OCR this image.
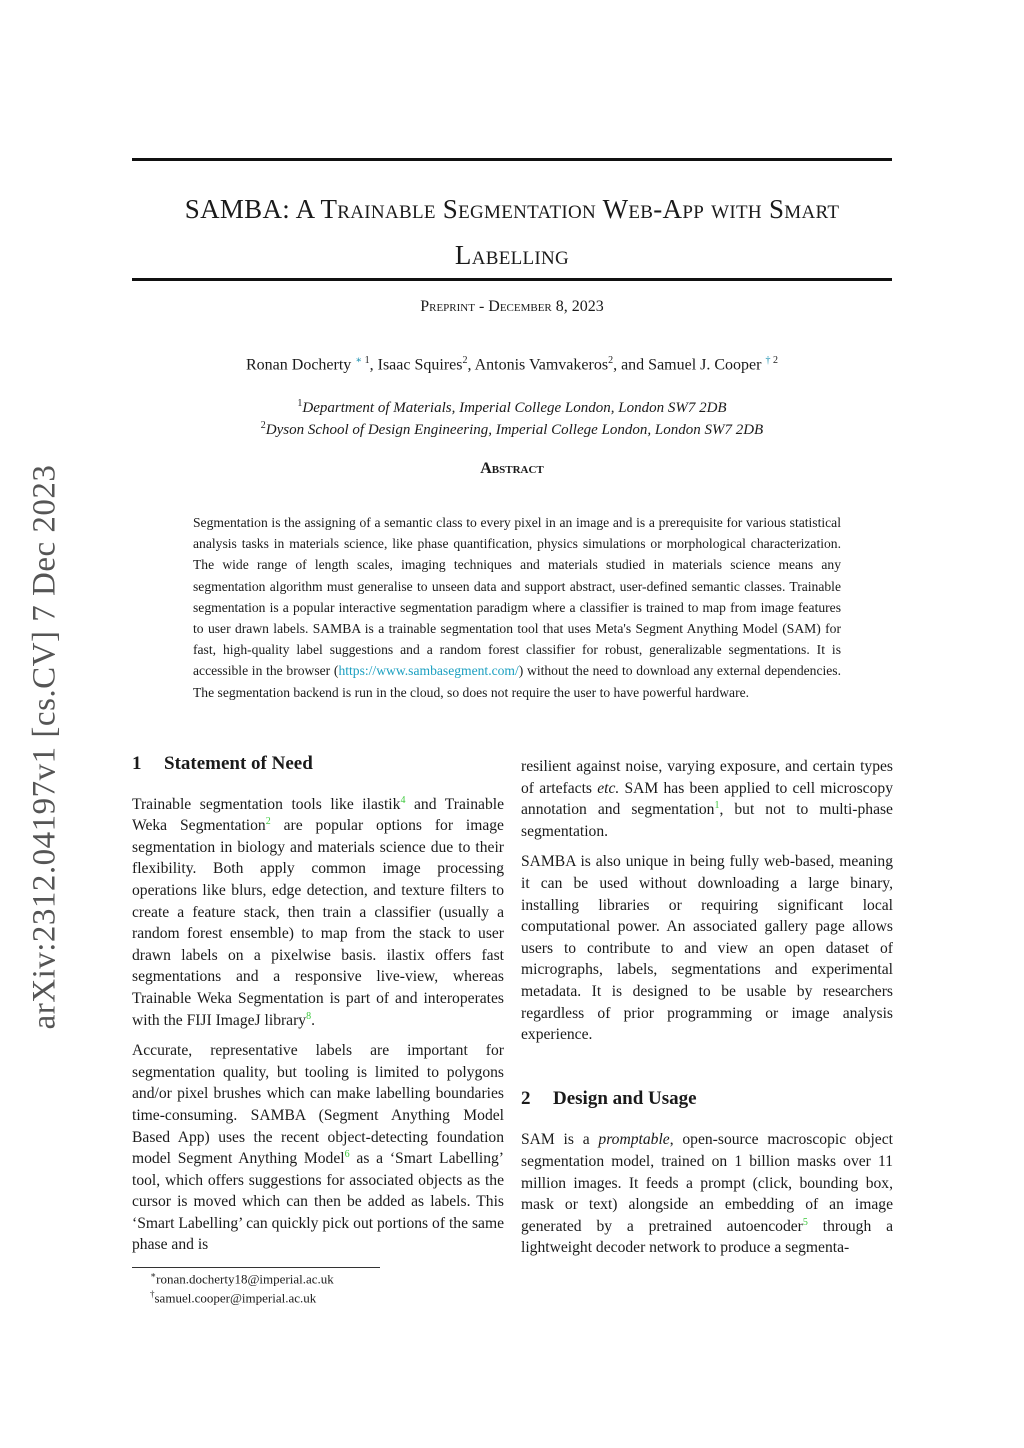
arXiv:2312.04197v1 [cs.CV] 7 Dec 2023
SAMBA: A Trainable Segmentation Web-App with Smart
Labelling
Preprint - December 8, 2023
Ronan Docherty $^{∗ 1}$, Isaac Squires$^2$, Antonis Vamvakeros$^2$, and Samuel J. Cooper $^{\dagger 2}$
$^1$Department of Materials, Imperial College London, London SW7 2DB
$^2$Dyson School of Design Engineering, Imperial College London, London SW7 2DB
Abstract
Segmentation is the assigning of a semantic class to every pixel in an image and is a prerequisite for various statistical analysis tasks in materials science, like phase quantification, physics simulations or morphological characterization. The wide range of length scales, imaging techniques and materials studied in materials science means any segmentation algorithm must generalise to unseen data and support abstract, user-defined semantic classes. Trainable segmentation is a popular interactive segmentation paradigm where a classifier is trained to map from image features to user drawn labels. SAMBA is a trainable segmentation tool that uses Meta's Segment Anything Model (SAM) for fast, high-quality label suggestions and a random forest classifier for robust, generalizable segmentations. It is accessible in the browser (https://www.sambasegment.com/) without the need to download any external dependencies. The segmentation backend is run in the cloud, so does not require the user to have powerful hardware.

1 Statement of Need

Trainable segmentation tools like ilastik$^4$ and Trainable Weka Segmentation$^2$ are popular options for image segmentation in biology and materials science due to their flexibility. Both apply common image processing operations like blurs, edge detection, and texture filters to create a feature stack, then train a classifier (usually a random forest ensemble) to map from the stack to user drawn labels on a pixelwise basis. ilastix offers fast segmentations and a responsive live-view, whereas Trainable Weka Segmentation is part of and interoperates with the FIJI ImageJ library$^8$.

Accurate, representative labels are important for segmentation quality, but tooling is limited to polygons and/or pixel brushes which can make labelling boundaries time-consuming. SAMBA (Segment Anything Model Based App) uses the recent object-detecting foundation model Segment Anything Model$^6$ as a ‘Smart Labelling’ tool, which offers suggestions for associated objects as the cursor is moved which can then be added as labels. This ‘Smart Labelling’ can quickly pick out portions of the same phase and is

resilient against noise, varying exposure, and certain types of artefacts etc. SAM has been applied to cell microscopy annotation and segmentation$^1$, but not to multi-phase segmentation.

SAMBA is also unique in being fully web-based, meaning it can be used without downloading a large binary, installing libraries or requiring significant local computational power. An associated gallery page allows users to contribute to and view an open dataset of micrographs, labels, segmentations and experimental metadata. It is designed to be usable by researchers regardless of prior programming or image analysis experience.

2 Design and Usage

SAM is a promptable, open-source macroscopic object segmentation model, trained on 1 billion masks over 11 million images. It feeds a prompt (click, bounding box, mask or text) alongside an embedding of an image generated by a pretrained autoencoder$^5$ through a lightweight decoder network to produce a segmenta-

∗ronan.docherty18@imperial.ac.uk
†samuel.cooper@imperial.ac.uk
